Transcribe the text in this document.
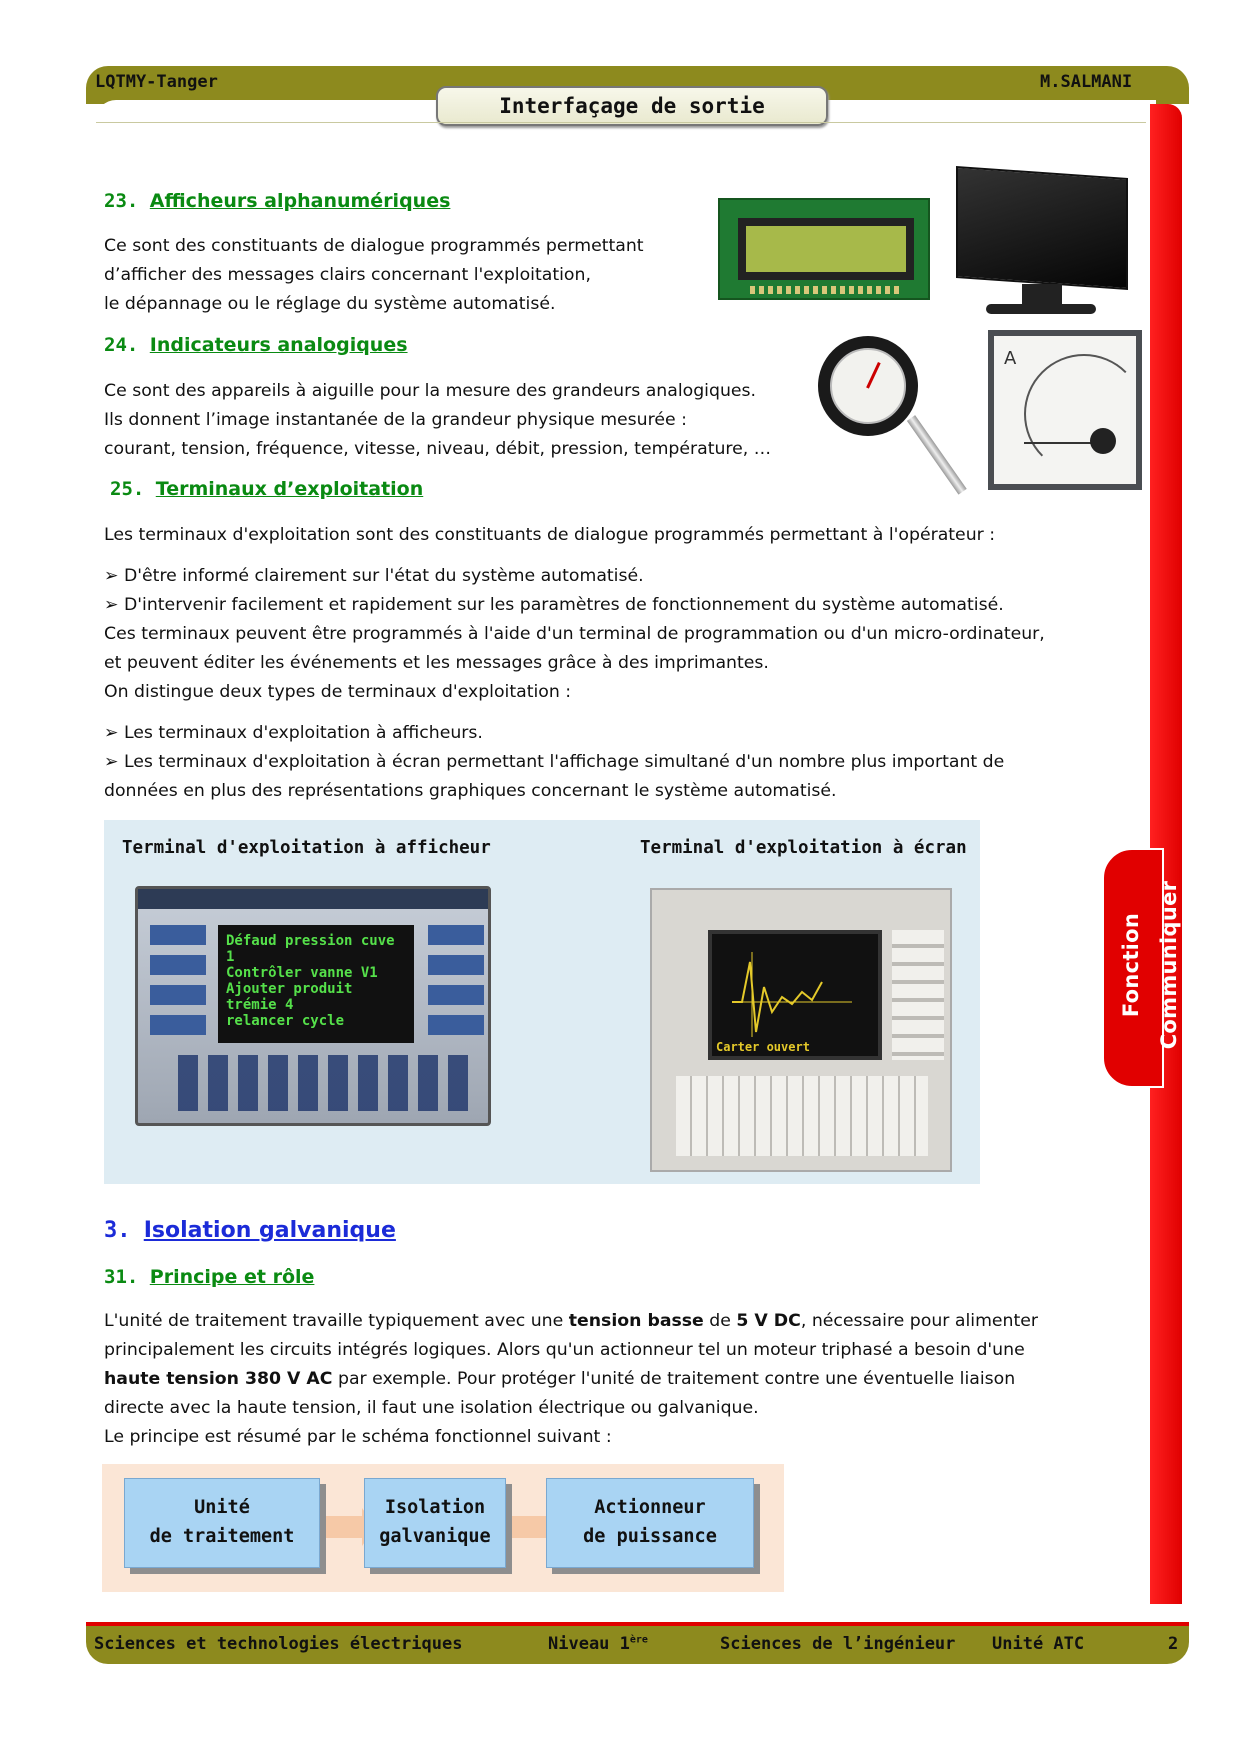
LQTMY-Tanger	M.SALMANI
Interfaçage de sortie
Fonction Communiquer
23. Afficheurs alphanumériques
Ce sont des constituants de dialogue programmés permettant
d’afficher des messages clairs concernant l'exploitation,
le dépannage ou le réglage du système automatisé.
24. Indicateurs analogiques
Ce sont des appareils à aiguille pour la mesure des grandeurs analogiques.
Ils donnent l’image instantanée de la grandeur physique mesurée :
courant, tension, fréquence, vitesse, niveau, débit, pression, température, …
A
25. Terminaux d’exploitation
Les terminaux d'exploitation sont des constituants de dialogue programmés permettant à l'opérateur :
➢ D'être informé clairement sur l'état du système automatisé.
➢ D'intervenir facilement et rapidement sur les paramètres de fonctionnement du système automatisé.
Ces terminaux peuvent être programmés à l'aide d'un terminal de programmation ou d'un micro-ordinateur,
et peuvent éditer les événements et les messages grâce à des imprimantes.
On distingue deux types de terminaux d'exploitation :
➢ Les terminaux d'exploitation à afficheurs.
➢ Les terminaux d'exploitation à écran permettant l'affichage simultané d'un nombre plus important de
données en plus des représentations graphiques concernant le système automatisé.
Terminal d'exploitation à afficheur	Terminal d'exploitation à écran
Défaud pression cuve 1
Contrôler vanne V1
Ajouter produit trémie 4
relancer cycle
Carter ouvert
3. Isolation galvanique
31. Principe et rôle
L'unité de traitement travaille typiquement avec une tension basse de 5 V DC, nécessaire pour alimenter
principalement les circuits intégrés logiques. Alors qu'un actionneur tel un moteur triphasé a besoin d'une
haute tension 380 V AC par exemple. Pour protéger l'unité de traitement contre une éventuelle liaison
directe avec la haute tension, il faut une isolation électrique ou galvanique.
Le principe est résumé par le schéma fonctionnel suivant :
Unité
de traitement
Isolation
galvanique
Actionneur
de puissance
Sciences et technologies électriques	Niveau 1ère	Sciences de l’ingénieur Unité ATC	2
